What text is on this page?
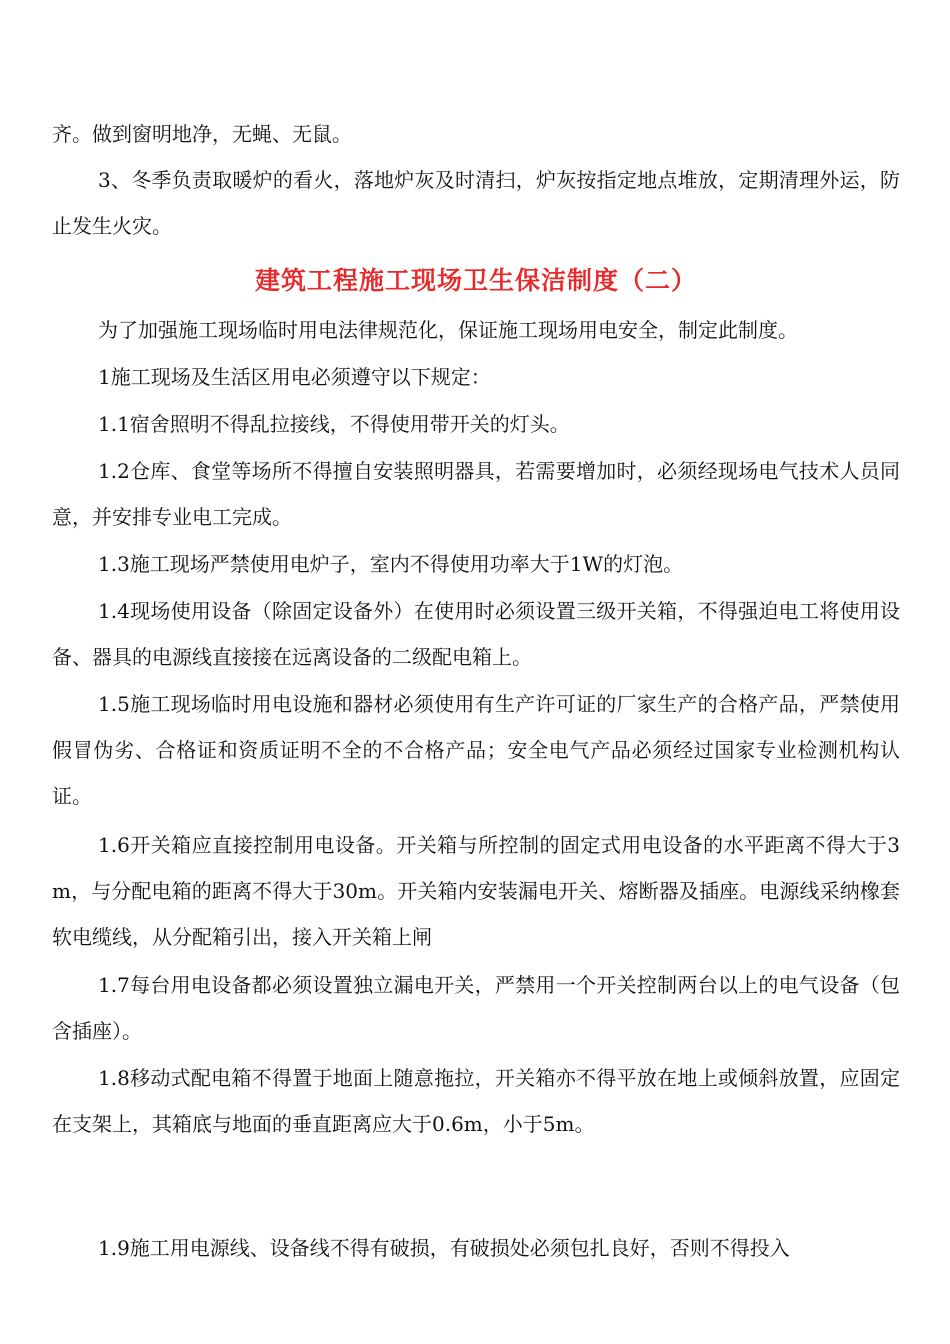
齐。做到窗明地净，无蝇、无鼠。

3、冬季负责取暖炉的看火，落地炉灰及时清扫，炉灰按指定地点堆放，定期清理外运，防止发生火灾。

建筑工程施工现场卫生保洁制度（二）

为了加强施工现场临时用电法律规范化，保证施工现场用电安全，制定此制度。

1施工现场及生活区用电必须遵守以下规定：

1.1宿舍照明不得乱拉接线，不得使用带开关的灯头。

1.2仓库、食堂等场所不得擅自安装照明器具，若需要增加时，必须经现场电气技术人员同意，并安排专业电工完成。

1.3施工现场严禁使用电炉子，室内不得使用功率大于1W的灯泡。

1.4现场使用设备（除固定设备外）在使用时必须设置三级开关箱，不得强迫电工将使用设备、器具的电源线直接接在远离设备的二级配电箱上。

1.5施工现场临时用电设施和器材必须使用有生产许可证的厂家生产的合格产品，严禁使用假冒伪劣、合格证和资质证明不全的不合格产品；安全电气产品必须经过国家专业检测机构认证。

1.6开关箱应直接控制用电设备。开关箱与所控制的固定式用电设备的水平距离不得大于3m，与分配电箱的距离不得大于30m。开关箱内安装漏电开关、熔断器及插座。电源线采纳橡套软电缆线，从分配箱引出，接入开关箱上闸

1.7每台用电设备都必须设置独立漏电开关，严禁用一个开关控制两台以上的电气设备（包含插座）。

1.8移动式配电箱不得置于地面上随意拖拉，开关箱亦不得平放在地上或倾斜放置，应固定在支架上，其箱底与地面的垂直距离应大于0.6m，小于5m。

1.9施工用电源线、设备线不得有破损，有破损处必须包扎良好，否则不得投入
